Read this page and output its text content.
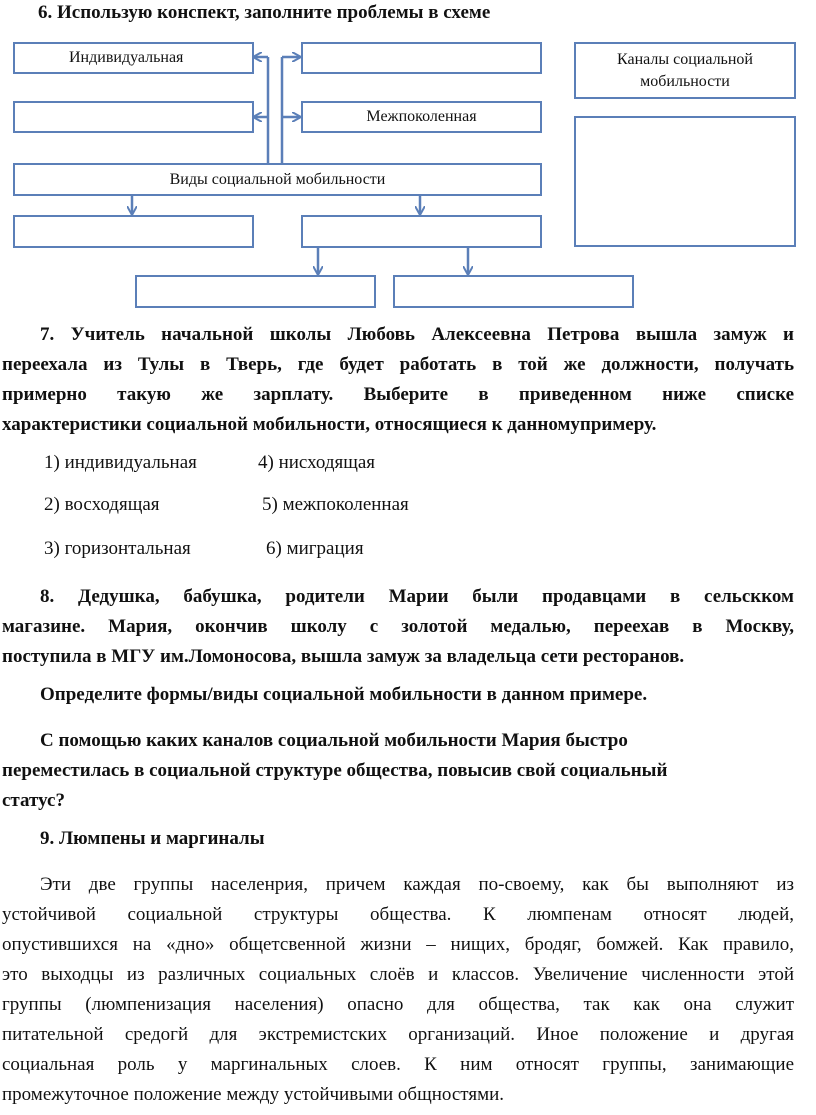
6. Использую конспект, заполните проблемы в схеме
Индивидуальная
Межпоколенная
Виды социальной мобильности
Каналы социальной мобильности
7. Учитель начальной школы Любовь Алексеевна Петрова вышла замуж и
переехала из Тулы в Тверь, где будет работать в той же должности, получать
примерно такую же зарплату. Выберите в приведенном ниже списке
характеристики социальной мобильности, относящиеся к данномупримеру.
1) индивидуальная	4) нисходящая
2) восходящая	5) межпоколенная
3) горизонтальная	6) миграция
8. Дедушка, бабушка, родители Марии были продавцами в сельскком
магазине. Мария, окончив школу с золотой медалью, переехав в Москву,
поступила в МГУ им.Ломоносова, вышла замуж за владельца сети ресторанов.
Определите формы/виды социальной мобильности в данном примере.
С помощью каких каналов социальной мобильности Мария быстро
переместилась в социальной структуре общества, повысив свой социальный
статус?
9. Люмпены и маргиналы
Эти две группы населенрия, причем каждая по-своему, как бы выполняют из
устойчивой социальной структуры общества. К люмпенам относят людей,
опустившихся на «дно» общетсвенной жизни – нищих, бродяг, бомжей. Как правило,
это выходцы из различных социальных слоёв и классов. Увеличение численности этой
группы (люмпенизация населения) опасно для общества, так как она служит
питательной средогй для экстремистских организаций. Иное положение и другая
социальная роль у маргинальных слоев. К ним относят группы, занимающие
промежуточное положение между устойчивыми общностями.
